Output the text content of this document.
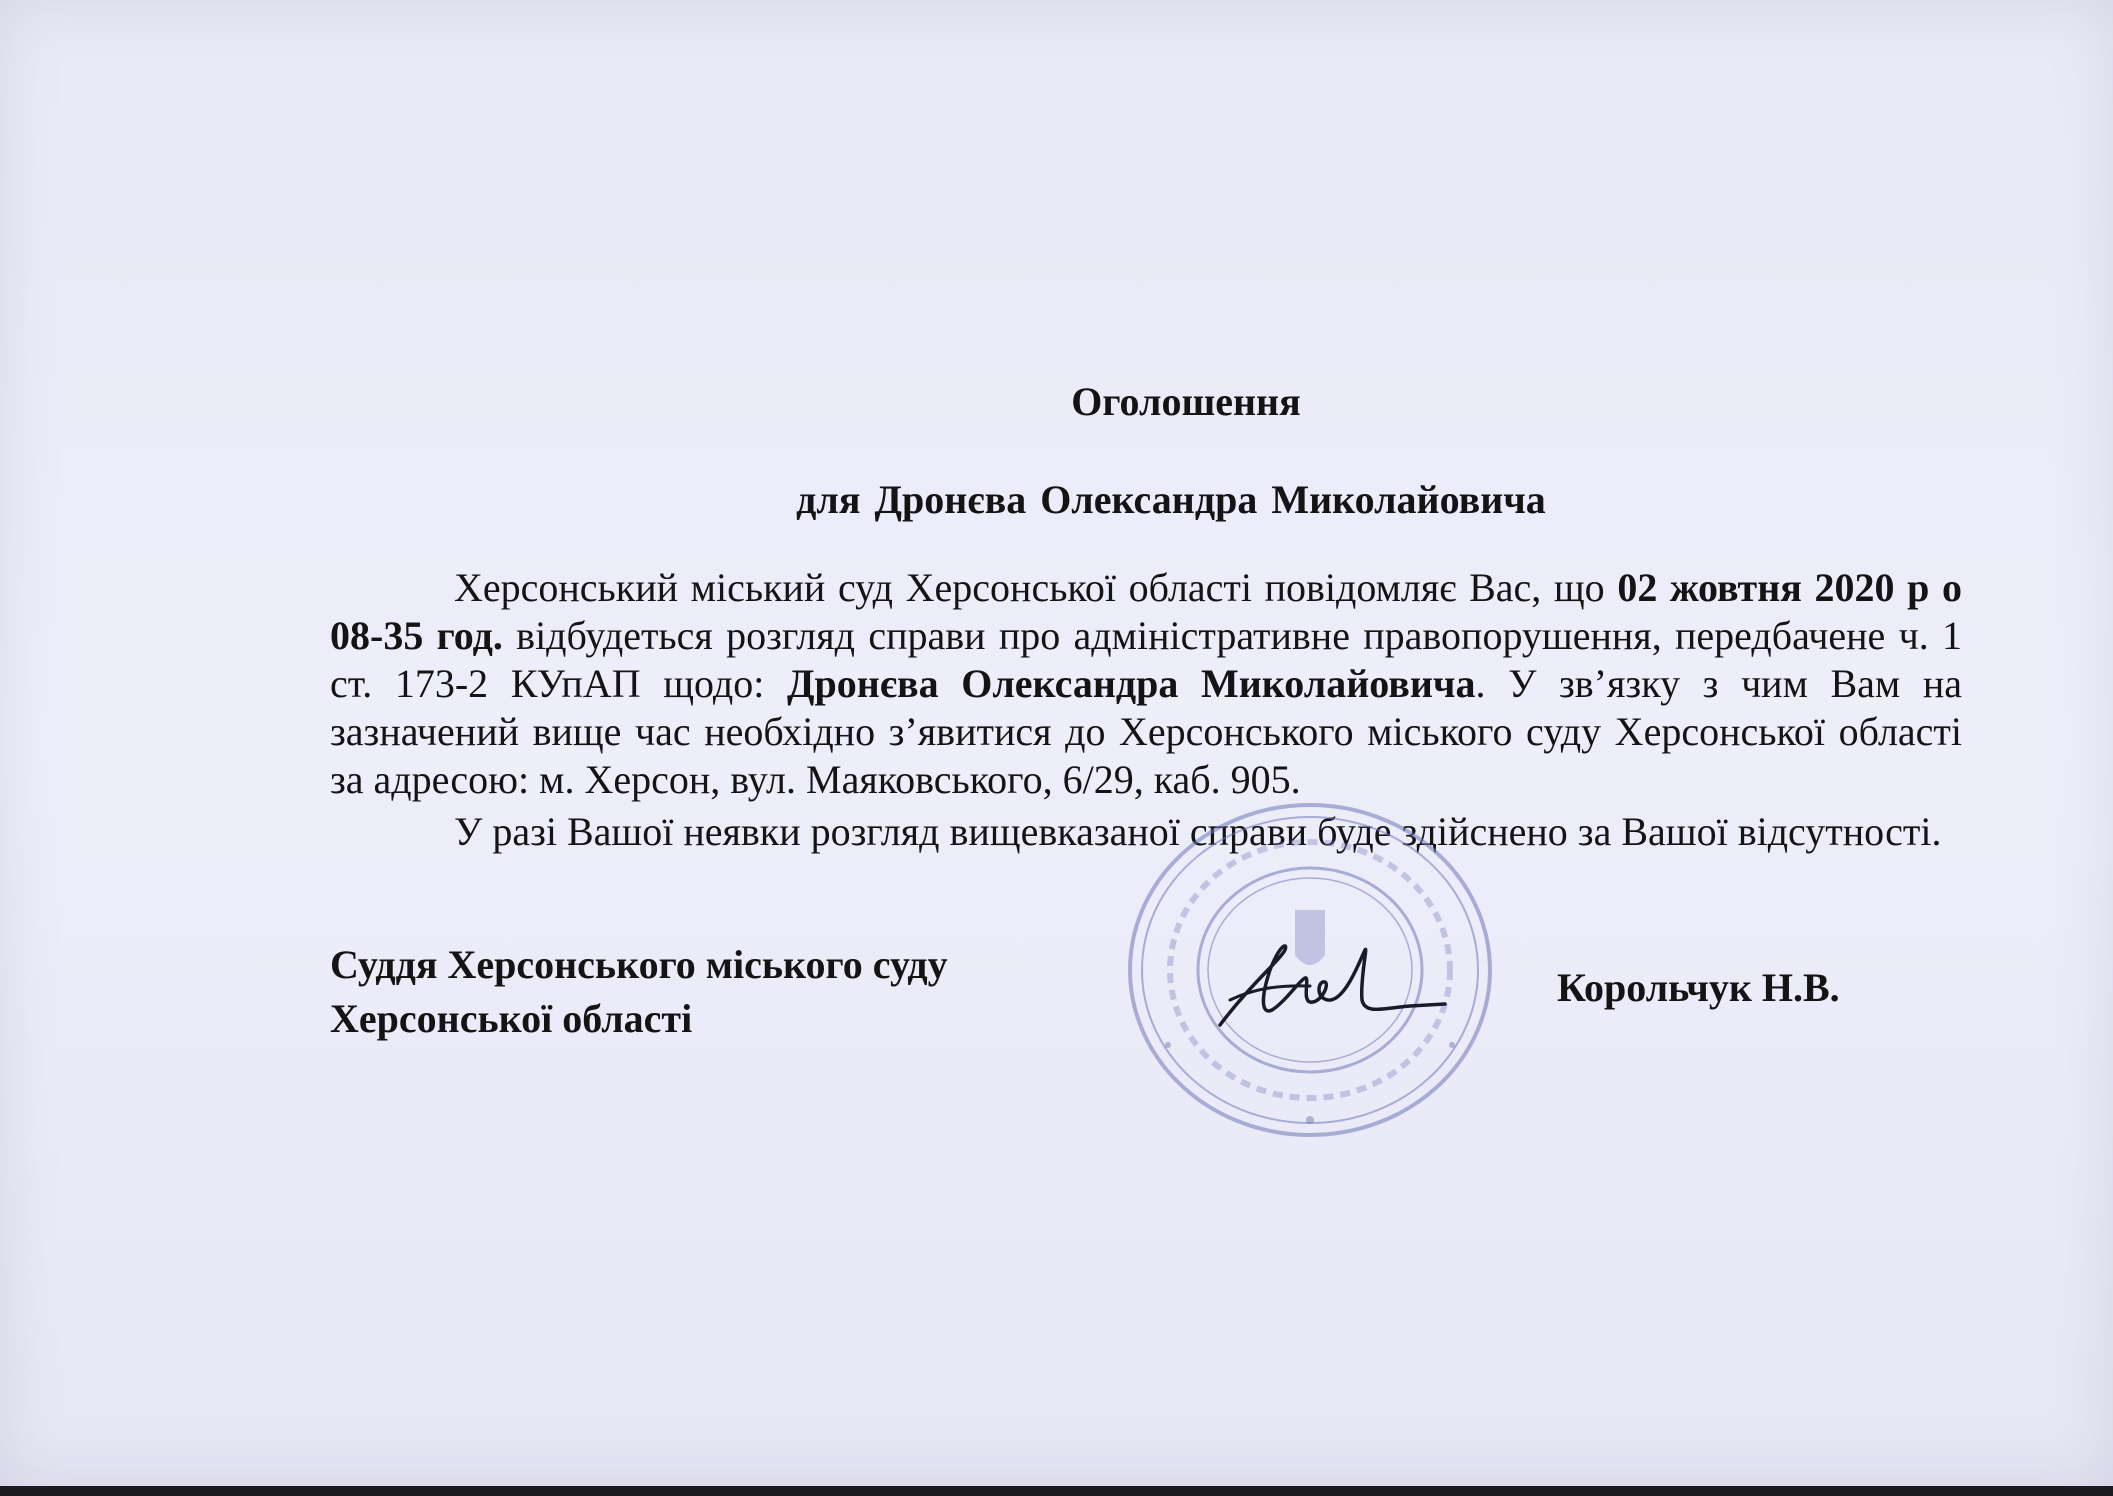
Оголошення

для Дронєва Олександра Миколайовича

Херсонський міський суд Херсонської області повідомляє Вас, що 02 жовтня 2020 р о 08-35 год. відбудеться розгляд справи про адміністративне правопорушення, передбачене ч. 1 ст. 173-2 КУпАП щодо: Дронєва Олександра Миколайовича. У зв’язку з чим Вам на зазначений вище час необхідно з’явитися до Херсонського міського суду Херсонської області за адресою: м. Херсон, вул. Маяковського, 6/29, каб. 905.

У разі Вашої неявки розгляд вищевказаної справи буде здійснено за Вашої відсутності.

Суддя Херсонського міського суду
Херсонської області
Корольчук Н.В.
